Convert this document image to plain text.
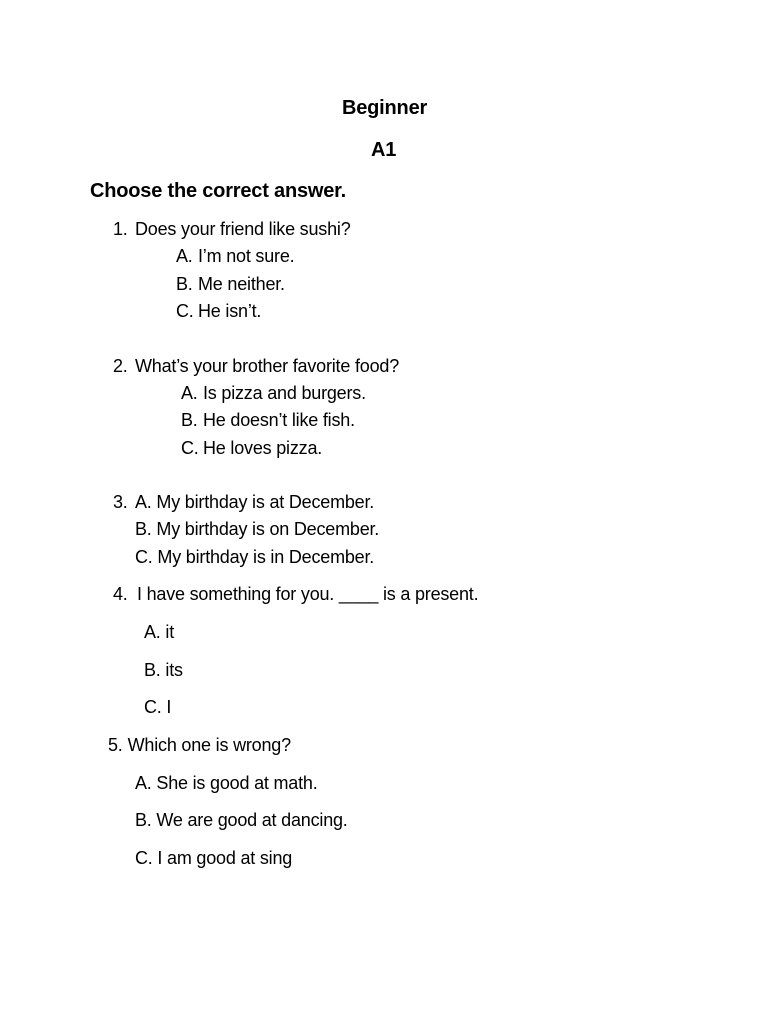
Beginner
A1
Choose the correct answer.
1. Does your friend like sushi?
A. I’m not sure.
B. Me neither.
C. He isn’t.
2. What’s your brother favorite food?
A. Is pizza and burgers.
B. He doesn’t like fish.
C. He loves pizza.
3. A. My birthday is at December.
B. My birthday is on December.
C. My birthday is in December.
4. I have something for you. ____ is a present.
A. it
B. its
C. I
5. Which one is wrong?
A. She is good at math.
B. We are good at dancing.
C. I am good at sing
